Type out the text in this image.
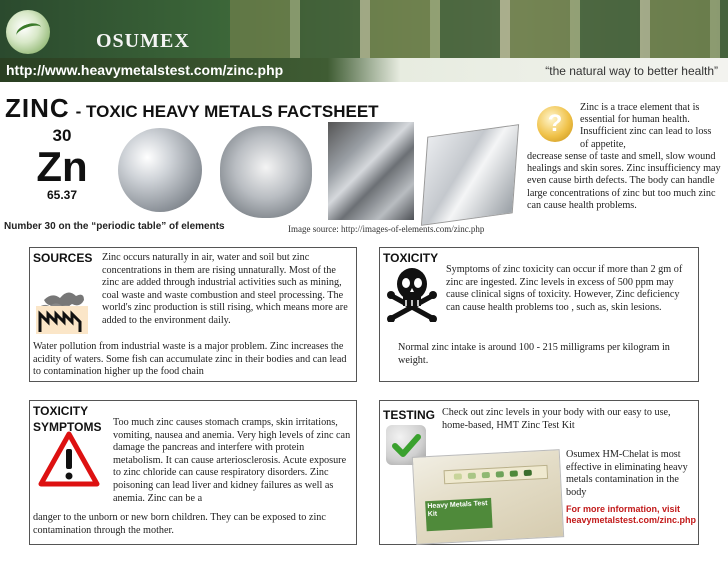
OSUMEX
http://www.heavymetalstest.com/zinc.php	“the natural way to better health”
ZINC - TOXIC HEAVY METALS FACTSHEET
30
Zn
65.37
Number 30 on the “periodic table” of elements	Image source: http://images-of-elements.com/zinc.php
?
Zinc is a trace element that is essential for human health. Insufficient zinc can lead to loss of appetite,
decrease sense of taste and smell, slow wound healings and skin sores. Zinc insufficiency may even cause birth defects. The body can handle large concentrations of zinc but too much zinc can cause health problems.
SOURCES Zinc occurs naturally in air, water and soil but zinc concentrations in them are rising unnaturally. Most of the zinc are added through industrial activities such as mining, coal waste and waste combustion and steel processing. The world's zinc production is still rising, which means more are added to the environment daily.
Water pollution from industrial waste is a major problem. Zinc increases the acidity of waters. Some fish can accumulate zinc in their bodies and can lead to contamination higher up the food chain
TOXICITY
Symptoms of zinc toxicity can occur if more than 2 gm of zinc are ingested. Zinc levels in excess of 500 ppm may cause clinical signs of toxicity. However, Zinc deficiency can cause health problems too , such as, skin lesions.
Normal zinc intake is around 100 - 215 milligrams per kilogram in weight.
TOXICITY
SYMPTOMS Too much zinc causes stomach cramps, skin irritations, vomiting, nausea and anemia. Very high levels of zinc can damage the pancreas and interfere with protein metabolism. It can cause arteriosclerosis. Acute exposure to zinc chloride can cause respiratory disorders. Zinc poisoning can lead liver and kidney failures as well as anemia. Zinc can be a
danger to the unborn or new born children. They can be exposed to zinc contamination through the mother.
TESTING Check out zinc levels in your body with our easy to use, home-based, HMT Zinc Test Kit
Heavy Metals Test Kit
Osumex HM-Chelat is most effective in eliminating heavy metals contamination in the body
For more information, visit heavymetalstest.com/zinc.php
